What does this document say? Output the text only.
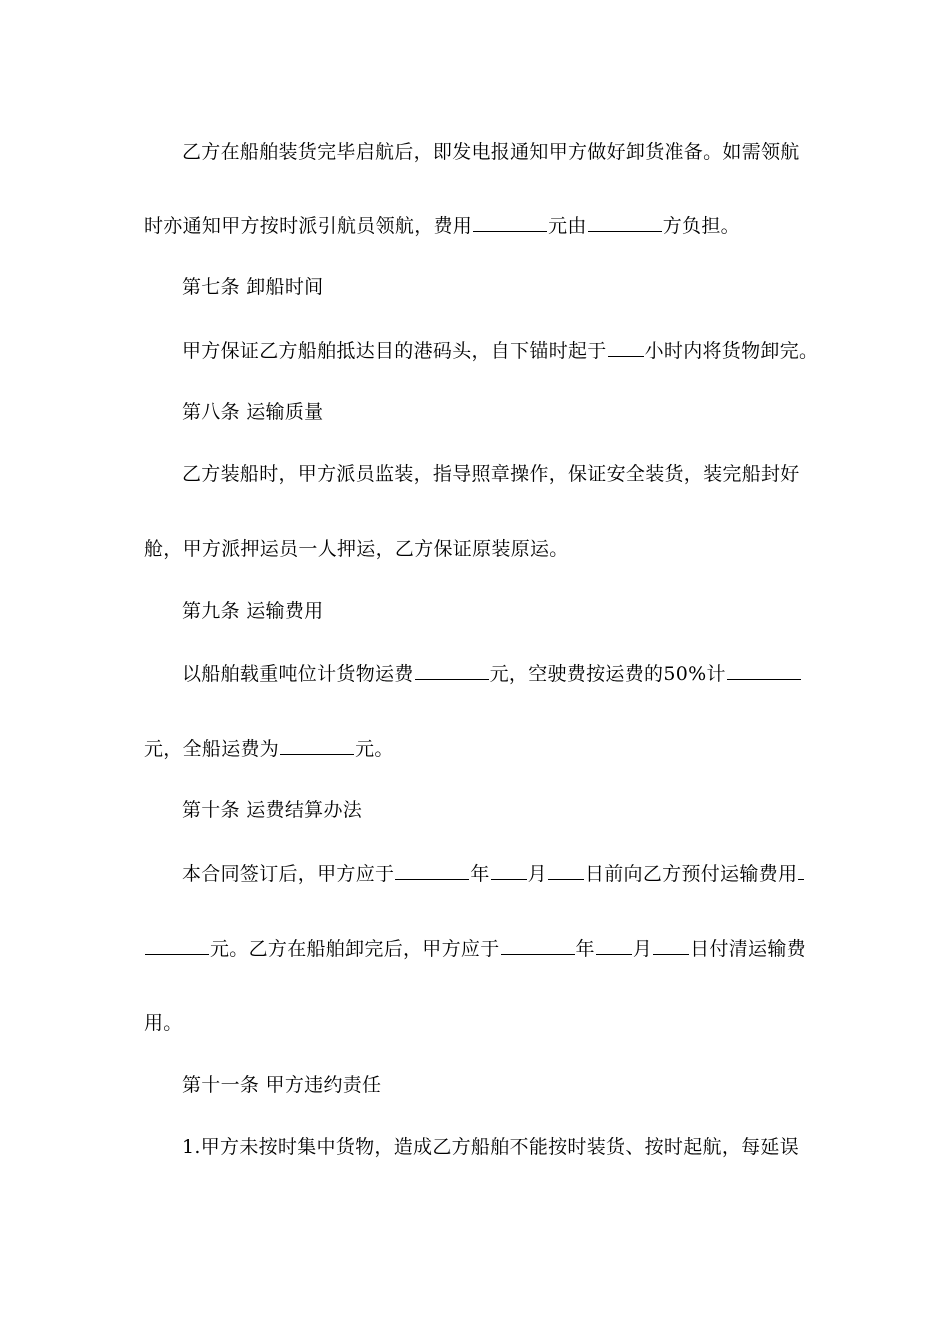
乙方在船舶装货完毕启航后，即发电报通知甲方做好卸货准备。如需领航
时亦通知甲方按时派引航员领航，费用	元由	方负担。
第七条 卸船时间
甲方保证乙方船舶抵达目的港码头，自下锚时起于 小时内将货物卸完。
第八条 运输质量
乙方装船时，甲方派员监装，指导照章操作，保证安全装货，装完船封好
舱，甲方派押运员一人押运，乙方保证原装原运。
第九条 运输费用
以船舶载重吨位计货物运费	元，空驶费按运费的50%计
元，全船运费为	元。
第十条 运费结算办法
本合同签订后，甲方应于	年 月 日前向乙方预付运输费用
元。乙方在船舶卸完后，甲方应于	年 月 日付清运输费
用。
第十一条 甲方违约责任
1.甲方未按时集中货物，造成乙方船舶不能按时装货、按时起航，每延误
